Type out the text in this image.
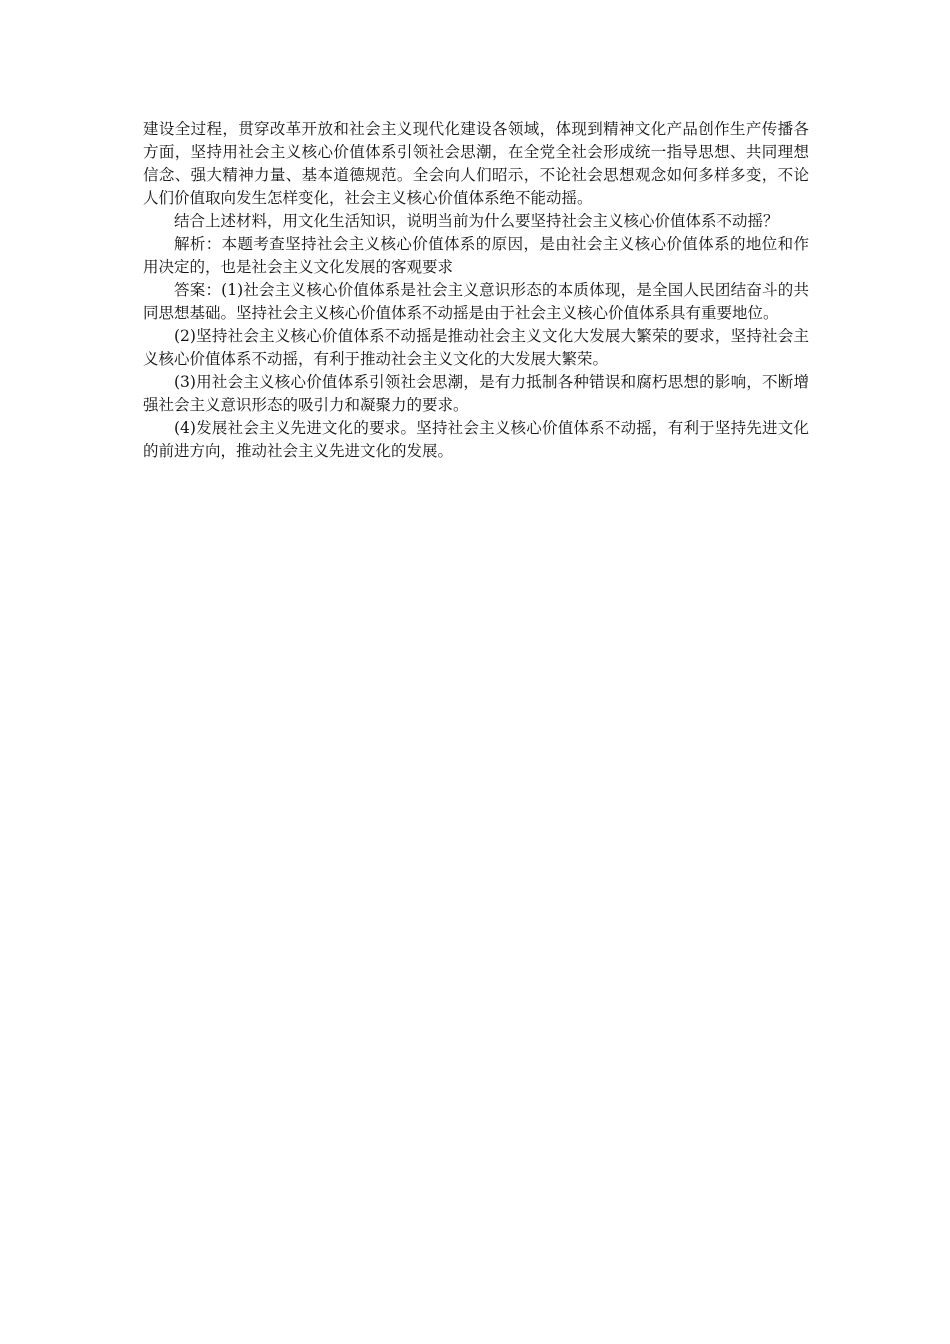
建设全过程，贯穿改革开放和社会主义现代化建设各领域，体现到精神文化产品创作生产传播各方面，坚持用社会主义核心价值体系引领社会思潮，在全党全社会形成统一指导思想、共同理想信念、强大精神力量、基本道德规范。全会向人们昭示，不论社会思想观念如何多样多变，不论人们价值取向发生怎样变化，社会主义核心价值体系绝不能动摇。

结合上述材料，用文化生活知识，说明当前为什么要坚持社会主义核心价值体系不动摇？

解析：本题考查坚持社会主义核心价值体系的原因，是由社会主义核心价值体系的地位和作用决定的，也是社会主义文化发展的客观要求

答案：(1)社会主义核心价值体系是社会主义意识形态的本质体现，是全国人民团结奋斗的共同思想基础。坚持社会主义核心价值体系不动摇是由于社会主义核心价值体系具有重要地位。

(2)坚持社会主义核心价值体系不动摇是推动社会主义文化大发展大繁荣的要求，坚持社会主义核心价值体系不动摇，有利于推动社会主义文化的大发展大繁荣。

(3)用社会主义核心价值体系引领社会思潮，是有力抵制各种错误和腐朽思想的影响，不断增强社会主义意识形态的吸引力和凝聚力的要求。

(4)发展社会主义先进文化的要求。坚持社会主义核心价值体系不动摇，有利于坚持先进文化的前进方向，推动社会主义先进文化的发展。
